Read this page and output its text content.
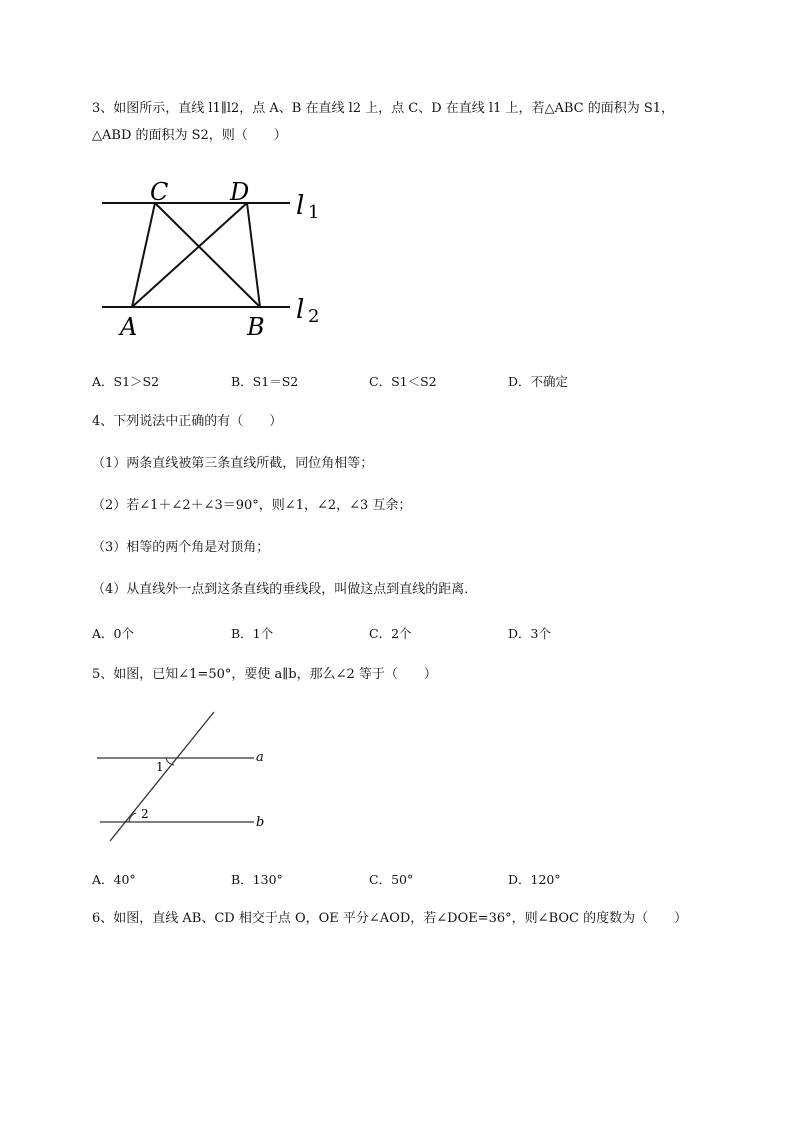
3、如图所示，直线 l1∥l2，点 A、B 在直线 l2 上，点 C、D 在直线 l1 上，若△ABC 的面积为 S1，
△ABD 的面积为 S2，则（　　）
C	D
A	B
l 1
l 2
A．S1＞S2	B．S1＝S2	C．S1＜S2	D．不确定
4、下列说法中正确的有（　　）
（1）两条直线被第三条直线所截，同位角相等；
（2）若∠1＋∠2＋∠3＝90°，则∠1，∠2，∠3 互余；
（3）相等的两个角是对顶角；
（4）从直线外一点到这条直线的垂线段，叫做这点到直线的距离．
A．0个	B．1个	C．2个	D．3个
5、如图，已知∠1=50°，要使 a∥b，那么∠2 等于（　　）
1
2
a
b
A．40°	B．130°	C．50°	D．120°
6、如图，直线 AB、CD 相交于点 O，OE 平分∠AOD，若∠DOE=36°，则∠BOC 的度数为（　　）
